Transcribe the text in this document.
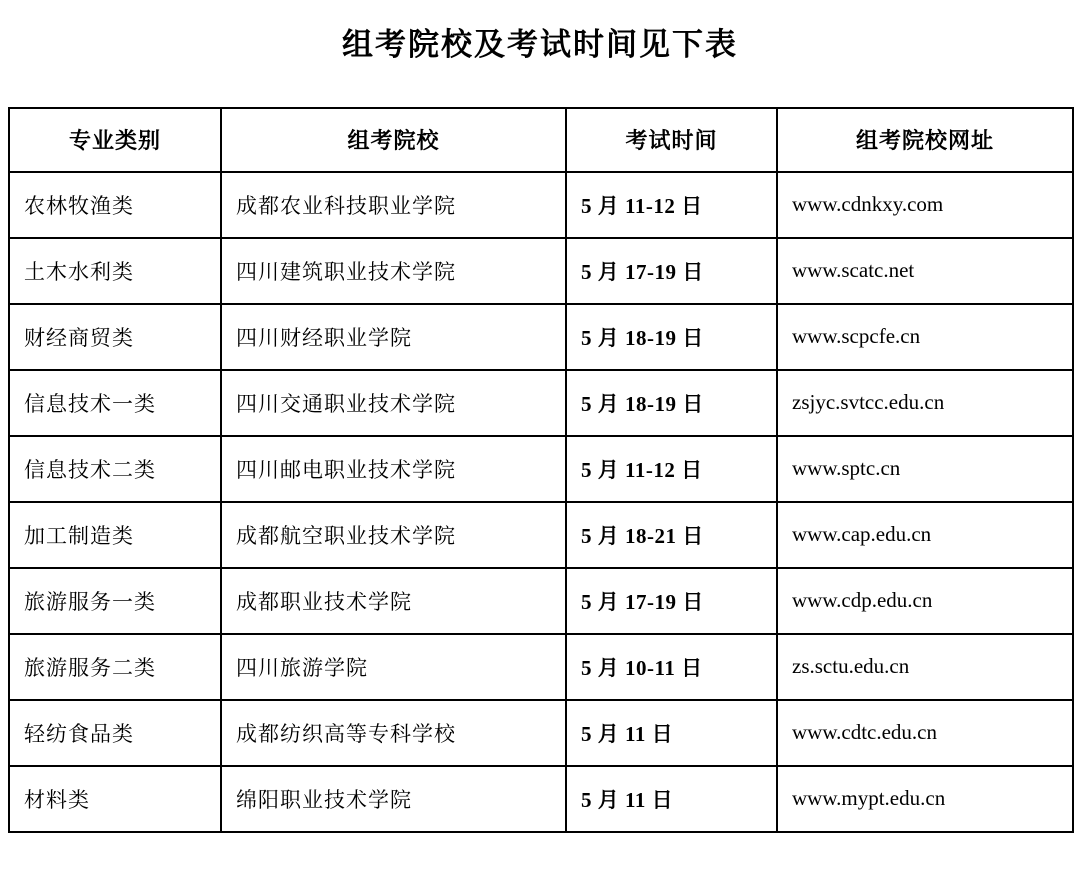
组考院校及考试时间见下表
专业类别	组考院校	考试时间	组考院校网址
农林牧渔类	成都农业科技职业学院	5 月 11-12 日	www.cdnkxy.com
土木水利类	四川建筑职业技术学院	5 月 17-19 日	www.scatc.net
财经商贸类	四川财经职业学院	5 月 18-19 日	www.scpcfe.cn
信息技术一类	四川交通职业技术学院	5 月 18-19 日	zsjyc.svtcc.edu.cn
信息技术二类	四川邮电职业技术学院	5 月 11-12 日	www.sptc.cn
加工制造类	成都航空职业技术学院	5 月 18-21 日	www.cap.edu.cn
旅游服务一类	成都职业技术学院	5 月 17-19 日	www.cdp.edu.cn
旅游服务二类	四川旅游学院	5 月 10-11 日	zs.sctu.edu.cn
轻纺食品类	成都纺织高等专科学校	5 月 11 日	www.cdtc.edu.cn
材料类	绵阳职业技术学院	5 月 11 日	www.mypt.edu.cn
